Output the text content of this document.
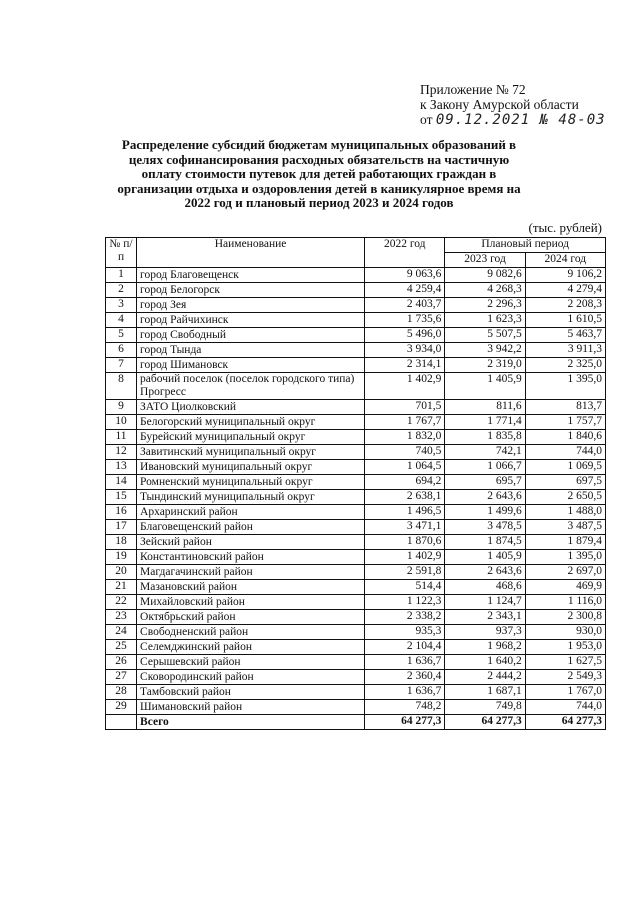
Приложение № 72
к Закону Амурской области
от 09.12.2021 № 48-03
Распределение субсидий бюджетам муниципальных образований в целях софинансирования расходных обязательств на частичную оплату стоимости путевок для детей работающих граждан в организации отдыха и оздоровления детей в каникулярное время на 2022 год и плановый период 2023 и 2024 годов
(тыс. рублей)
№ п/п	Наименование	2022 год	Плановый период	
			2023 год	2024 год
1	город Благовещенск	9 063,6	9 082,6	9 106,2
2	город Белогорск	4 259,4	4 268,3	4 279,4
3	город Зея	2 403,7	2 296,3	2 208,3
4	город Райчихинск	1 735,6	1 623,3	1 610,5
5	город Свободный	5 496,0	5 507,5	5 463,7
6	город Тында	3 934,0	3 942,2	3 911,3
7	город Шимановск	2 314,1	2 319,0	2 325,0
8	рабочий поселок (поселок городского типа) Прогресс	1 402,9	1 405,9	1 395,0
9	ЗАТО Циолковский	701,5	811,6	813,7
10	Белогорский муниципальный округ	1 767,7	1 771,4	1 757,7
11	Бурейский муниципальный округ	1 832,0	1 835,8	1 840,6
12	Завитинский муниципальный округ	740,5	742,1	744,0
13	Ивановский муниципальный округ	1 064,5	1 066,7	1 069,5
14	Ромненский муниципальный округ	694,2	695,7	697,5
15	Тындинский муниципальный округ	2 638,1	2 643,6	2 650,5
16	Архаринский район	1 496,5	1 499,6	1 488,0
17	Благовещенский район	3 471,1	3 478,5	3 487,5
18	Зейский район	1 870,6	1 874,5	1 879,4
19	Константиновский район	1 402,9	1 405,9	1 395,0
20	Магдагачинский район	2 591,8	2 643,6	2 697,0
21	Мазановский район	514,4	468,6	469,9
22	Михайловский район	1 122,3	1 124,7	1 116,0
23	Октябрьский район	2 338,2	2 343,1	2 300,8
24	Свободненский район	935,3	937,3	930,0
25	Селемджинский район	2 104,4	1 968,2	1 953,0
26	Серышевский район	1 636,7	1 640,2	1 627,5
27	Сковородинский район	2 360,4	2 444,2	2 549,3
28	Тамбовский район	1 636,7	1 687,1	1 767,0
29	Шимановский район	748,2	749,8	744,0
	Всего	64 277,3	64 277,3	64 277,3
